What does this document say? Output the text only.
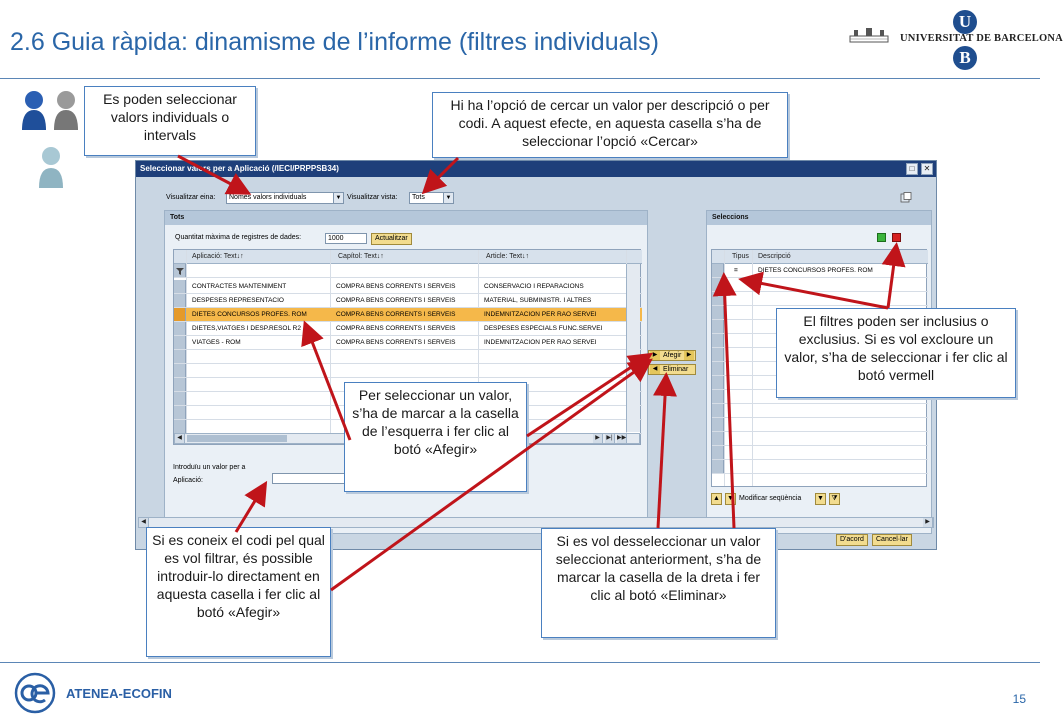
2.6 Guia ràpida: dinamisme de l’informe (filtres individuals)
U
UNIVERSITAT DE BARCELONA
B
Seleccionar valors per a Aplicació (/IECI/PRPPSB34)	□	✕
Visualitzar eina:	Només valors individuals	▼ Visualitzar vista:	Tots	▼
Tots
Quantitat màxima de registres de dades:	1000	Actualitzar
Aplicació: Text↓↑	Capítol: Text↓↑	Article: Text↓↑
CONTRACTES MANTENIMENT	COMPRA BENS CORRENTS I SERVEIS	CONSERVACIO I REPARACIONS
DESPESES REPRESENTACIO	COMPRA BENS CORRENTS I SERVEIS	MATERIAL, SUBMINISTR. I ALTRES
DIETES CONCURSOS PROFES. ROM	COMPRA BENS CORRENTS I SERVEIS	INDEMNITZACION PER RAO SERVEI
DIETES,VIATGES I DESP.RESOL R2	COMPRA BENS CORRENTS I SERVEIS	DESPESES ESPECIALS FUNC.SERVEI
VIATGES - ROM	COMPRA BENS CORRENTS I SERVEIS	INDEMNITZACION PER RAO SERVEI
◀	▶	▶| ▶▶
Introduïu un valor per a
Aplicació:
▶ Afegir ▶
◀ Eliminar
Seleccions
Tipus	Descripció
=	DIETES CONCURSOS PROFES. ROM
▲ ▼ Modificar seqüència ▼	⧩
◀	▶
D'acord	Cancel·lar
Es poden seleccionar valors individuals o intervals
Hi ha l’opció de cercar un valor per descripció o per codi. A aquest efecte, en aquesta casella s’ha de seleccionar l’opció «Cercar»
Per seleccionar un valor, s’ha de marcar a la casella de l’esquerra i fer clic al botó «Afegir»
El filtres poden ser inclusius o exclusius. Si es vol excloure un valor, s’ha de seleccionar i fer clic al botó vermell
Si es coneix el codi pel qual es vol filtrar, és possible introduir-lo directament en aquesta casella i fer clic al botó «Afegir»
Si es vol desseleccionar un valor seleccionat anteriorment, s’ha de marcar la casella de la dreta i fer clic al botó «Eliminar»
ATENEA-ECOFIN	15
